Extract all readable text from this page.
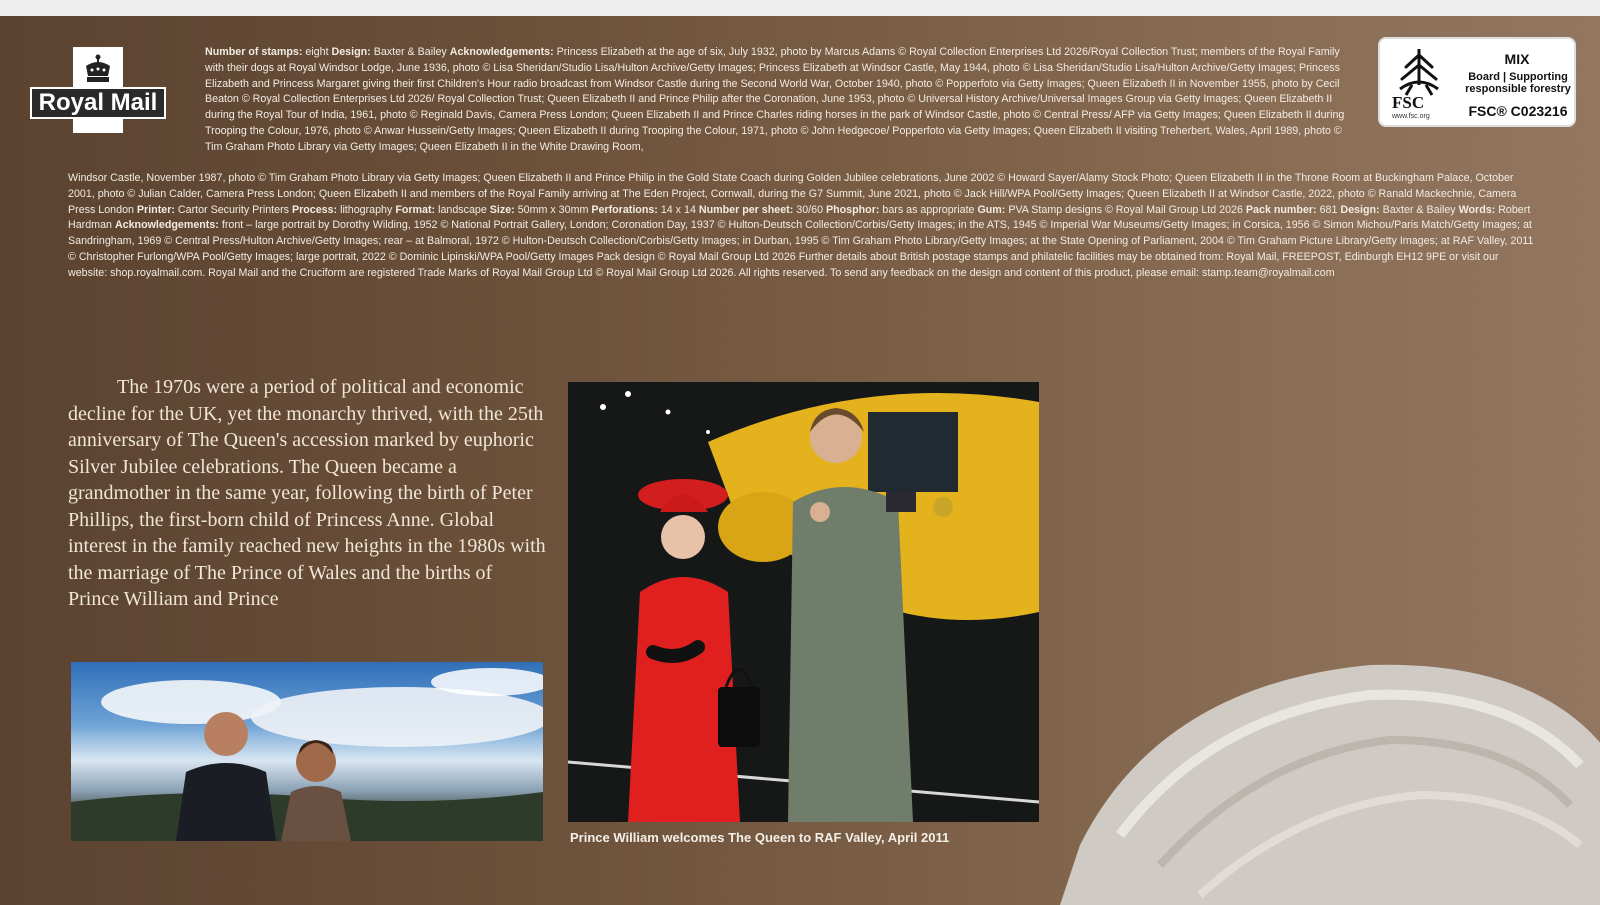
Royal Mail	FSC
www.fsc.org
MIX
Board | Supporting responsible forestry
FSC® C023216
Number of stamps: eight Design: Baxter & Bailey Acknowledgements: Princess Elizabeth at the age of six, July 1932, photo by Marcus Adams © Royal Collection Enterprises Ltd 2026/Royal Collection Trust; members of the Royal Family with their dogs at Royal Windsor Lodge, June 1936, photo © Lisa Sheridan/Studio Lisa/Hulton Archive/Getty Images; Princess Elizabeth at Windsor Castle, May 1944, photo © Lisa Sheridan/Studio Lisa/Hulton Archive/Getty Images; Princess Elizabeth and Princess Margaret giving their first Children's Hour radio broadcast from Windsor Castle during the Second World War, October 1940, photo © Popperfoto via Getty Images; Queen Elizabeth II in November 1955, photo by Cecil Beaton © Royal Collection Enterprises Ltd 2026/ Royal Collection Trust; Queen Elizabeth II and Prince Philip after the Coronation, June 1953, photo © Universal History Archive/Universal Images Group via Getty Images; Queen Elizabeth II during the Royal Tour of India, 1961, photo © Reginald Davis, Camera Press London; Queen Elizabeth II and Prince Charles riding horses in the park of Windsor Castle, photo © Central Press/ AFP via Getty Images; Queen Elizabeth II during Trooping the Colour, 1976, photo © Anwar Hussein/Getty Images; Queen Elizabeth II during Trooping the Colour, 1971, photo © John Hedgecoe/ Popperfoto via Getty Images; Queen Elizabeth II visiting Treherbert, Wales, April 1989, photo © Tim Graham Photo Library via Getty Images; Queen Elizabeth II in the White Drawing Room,
Windsor Castle, November 1987, photo © Tim Graham Photo Library via Getty Images; Queen Elizabeth II and Prince Philip in the Gold State Coach during Golden Jubilee celebrations, June 2002 © Howard Sayer/Alamy Stock Photo; Queen Elizabeth II in the Throne Room at Buckingham Palace, October 2001, photo © Julian Calder, Camera Press London; Queen Elizabeth II and members of the Royal Family arriving at The Eden Project, Cornwall, during the G7 Summit, June 2021, photo © Jack Hill/WPA Pool/Getty Images; Queen Elizabeth II at Windsor Castle, 2022, photo © Ranald Mackechnie, Camera Press London Printer: Cartor Security Printers Process: lithography Format: landscape Size: 50mm x 30mm Perforations: 14 x 14 Number per sheet: 30/60 Phosphor: bars as appropriate Gum: PVA Stamp designs © Royal Mail Group Ltd 2026 Pack number: 681 Design: Baxter & Bailey Words: Robert Hardman Acknowledgements: front – large portrait by Dorothy Wilding, 1952 © National Portrait Gallery, London; Coronation Day, 1937 © Hulton-Deutsch Collection/Corbis/Getty Images; in the ATS, 1945 © Imperial War Museums/Getty Images; in Corsica, 1956 © Simon Michou/Paris Match/Getty Images; at Sandringham, 1969 © Central Press/Hulton Archive/Getty Images; rear – at Balmoral, 1972 © Hulton-Deutsch Collection/Corbis/Getty Images; in Durban, 1995 © Tim Graham Photo Library/Getty Images; at the State Opening of Parliament, 2004 © Tim Graham Picture Library/Getty Images; at RAF Valley, 2011 © Christopher Furlong/WPA Pool/Getty Images; large portrait, 2022 © Dominic Lipinski/WPA Pool/Getty Images Pack design © Royal Mail Group Ltd 2026 Further details about British postage stamps and philatelic facilities may be obtained from: Royal Mail, FREEPOST, Edinburgh EH12 9PE or visit our website: shop.royalmail.com. Royal Mail and the Cruciform are registered Trade Marks of Royal Mail Group Ltd © Royal Mail Group Ltd 2026. All rights reserved. To send any feedback on the design and content of this product, please email: stamp.team@royalmail.com
The 1970s were a period of political and economic decline for the UK, yet the monarchy thrived, with the 25th anniversary of The Queen's accession marked by euphoric Silver Jubilee celebrations. The Queen became a grandmother in the same year, following the birth of Peter Phillips, the first-born child of Princess Anne. Global interest in the family reached new heights in the 1980s with the marriage of The Prince of Wales and the births of Prince William and Prince
Prince William welcomes The Queen to RAF Valley, April 2011
